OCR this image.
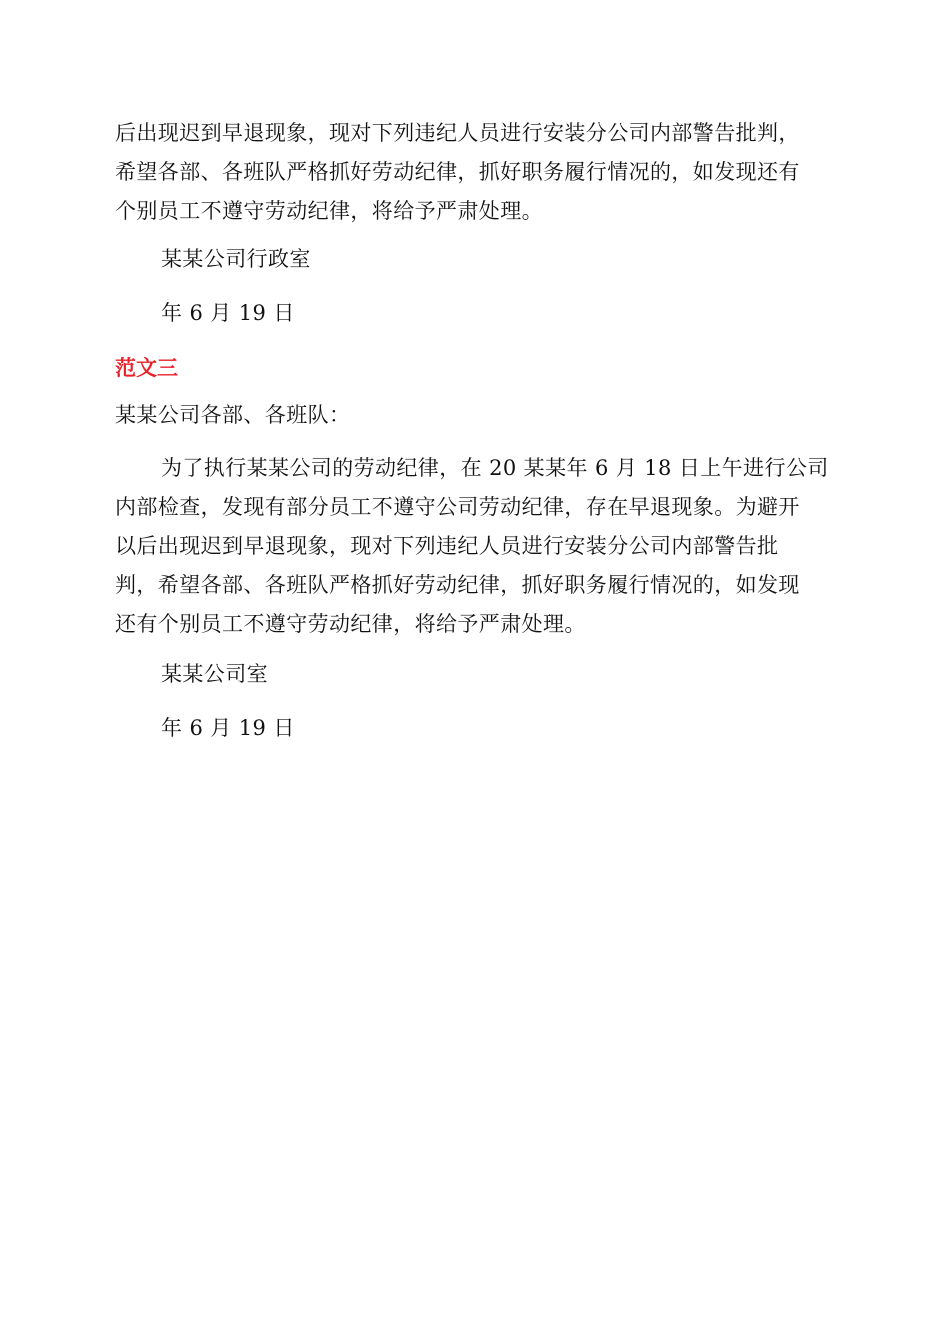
后出现迟到早退现象，现对下列违纪人员进行安装分公司内部警告批判，
希望各部、各班队严格抓好劳动纪律，抓好职务履行情况的，如发现还有
个别员工不遵守劳动纪律，将给予严肃处理。
某某公司行政室
年 6 月 19 日
范文三
某某公司各部、各班队：
为了执行某某公司的劳动纪律，在 20 某某年 6 月 18 日上午进行公司
内部检查，发现有部分员工不遵守公司劳动纪律，存在早退现象。为避开
以后出现迟到早退现象，现对下列违纪人员进行安装分公司内部警告批
判，希望各部、各班队严格抓好劳动纪律，抓好职务履行情况的，如发现
还有个别员工不遵守劳动纪律，将给予严肃处理。
某某公司室
年 6 月 19 日
